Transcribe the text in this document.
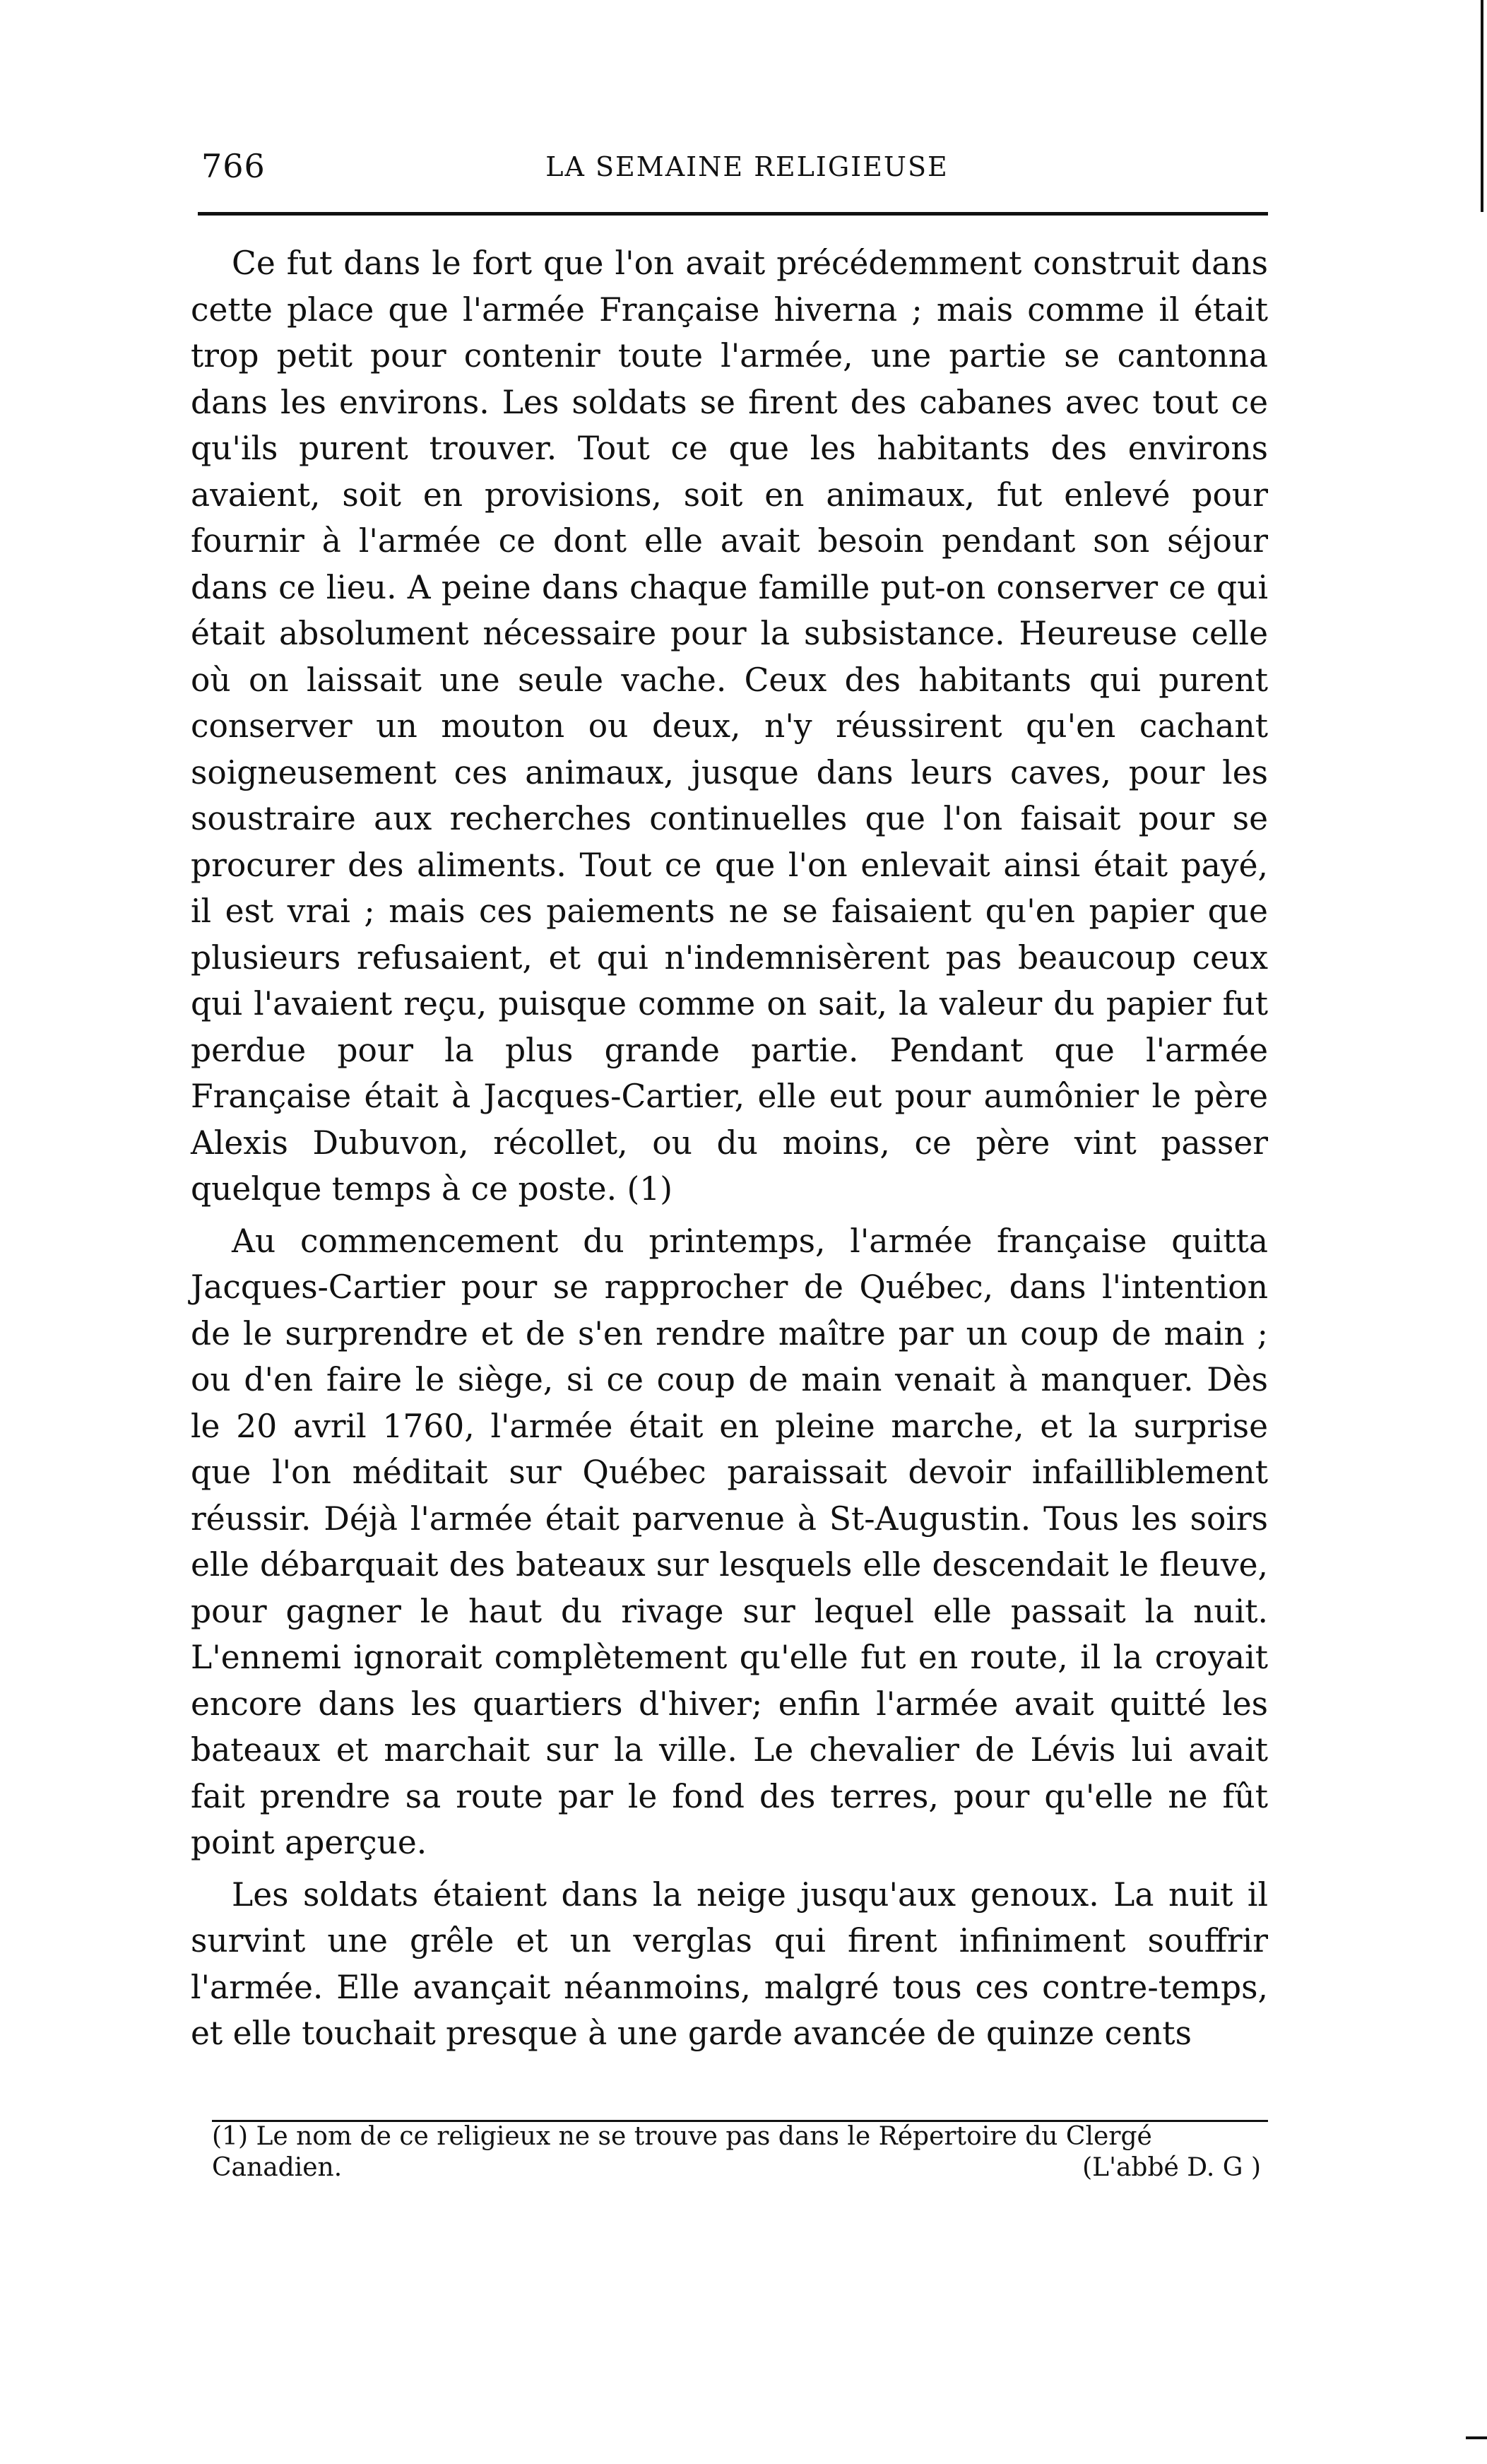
766	LA SEMAINE RELIGIEUSE

Ce fut dans le fort que l'on avait précédemment construit dans cette place que l'armée Française hiverna ; mais comme il était trop petit pour contenir toute l'armée, une partie se cantonna dans les environs. Les soldats se firent des cabanes avec tout ce qu'ils purent trouver. Tout ce que les habitants des environs avaient, soit en provisions, soit en animaux, fut enlevé pour fournir à l'armée ce dont elle avait besoin pendant son séjour dans ce lieu. A peine dans chaque famille put-on conserver ce qui était absolument nécessaire pour la subsistance. Heureuse celle où on laissait une seule vache. Ceux des habitants qui purent conserver un mouton ou deux, n'y réussirent qu'en cachant soigneusement ces animaux, jusque dans leurs caves, pour les soustraire aux recherches continuelles que l'on faisait pour se procurer des aliments. Tout ce que l'on enlevait ainsi était payé, il est vrai ; mais ces paiements ne se faisaient qu'en papier que plusieurs refusaient, et qui n'indemnisèrent pas beaucoup ceux qui l'avaient reçu, puisque comme on sait, la valeur du papier fut perdue pour la plus grande partie. Pendant que l'armée Française était à Jacques-Cartier, elle eut pour aumônier le père Alexis Dubuvon, récollet, ou du moins, ce père vint passer quelque temps à ce poste. (1)

Au commencement du printemps, l'armée française quitta Jacques-Cartier pour se rapprocher de Québec, dans l'intention de le surprendre et de s'en rendre maître par un coup de main ; ou d'en faire le siège, si ce coup de main venait à manquer. Dès le 20 avril 1760, l'armée était en pleine marche, et la surprise que l'on méditait sur Québec paraissait devoir infailliblement réussir. Déjà l'armée était parvenue à St-Augustin. Tous les soirs elle débarquait des bateaux sur lesquels elle descendait le fleuve, pour gagner le haut du rivage sur lequel elle passait la nuit. L'ennemi ignorait complètement qu'elle fut en route, il la croyait encore dans les quartiers d'hiver; enfin l'armée avait quitté les bateaux et marchait sur la ville. Le chevalier de Lévis lui avait fait prendre sa route par le fond des terres, pour qu'elle ne fût point aperçue.

Les soldats étaient dans la neige jusqu'aux genoux. La nuit il survint une grêle et un verglas qui firent infiniment souffrir l'armée. Elle avançait néanmoins, malgré tous ces contre-temps, et elle touchait presque à une garde avancée de quinze cents

(1) Le nom de ce religieux ne se trouve pas dans le Répertoire du Clergé Canadien.	(L'abbé D. G )
